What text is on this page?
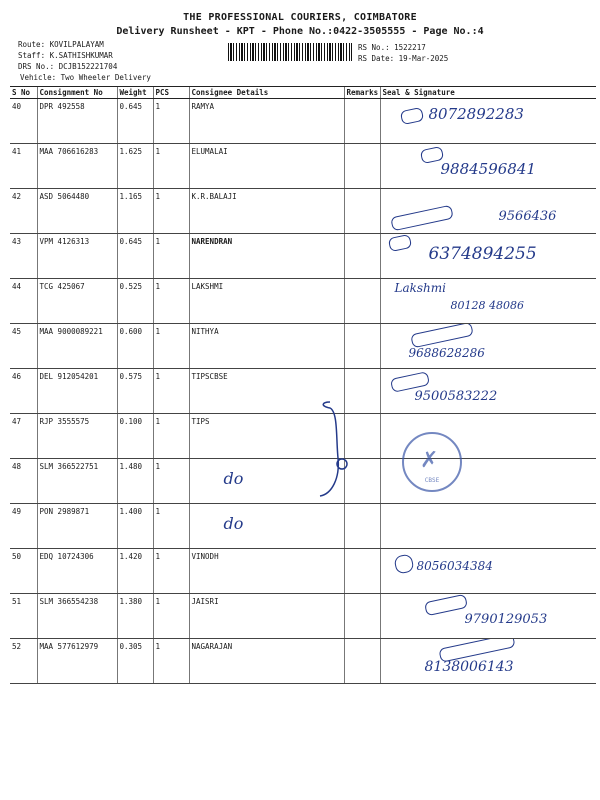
THE PROFESSIONAL COURIERS, COIMBATORE
Delivery Runsheet - KPT - Phone No.:0422-3505555 - Page No.:4
Route: KOVILPALAYAM
Staff: K.SATHISHKUMAR
DRS No.: DCJB152221704
Vehicle: Two Wheeler Delivery
RS No.: 1522217
RS Date: 19-Mar-2025
S No	Consignment No	Weight	PCS	Consignee Details	Remarks	Seal & Signature
40	DPR 492558	0.645	1	RAMYA		8072892283

41	MAA 706616283	1.625	1	ELUMALAI		9884596841

42	ASD 5064480	1.165	1	K.R.BALAJI		9566436

43	VPM 4126313	0.645	1	NARENDRAN		6374894255

44	TCG 425067	0.525	1	LAKSHMI		Lakshmi
80128 48086

45	MAA 9000089221	0.600	1	NITHYA		9688628286

46	DEL 912054201	0.575	1	TIPSCBSE		9500583222

47	RJP 3555575	0.100	1	TIPS		
48	SLM 366522751	1.480	1	do		

49	PON 2989871	1.400	1	do		

50	EDQ 10724306	1.420	1	VINODH		8056034384

51	SLM 366554238	1.380	1	JAISRI		9790129053

52	MAA 577612979	0.305	1	NAGARAJAN		8138006143
✗
CBSE
